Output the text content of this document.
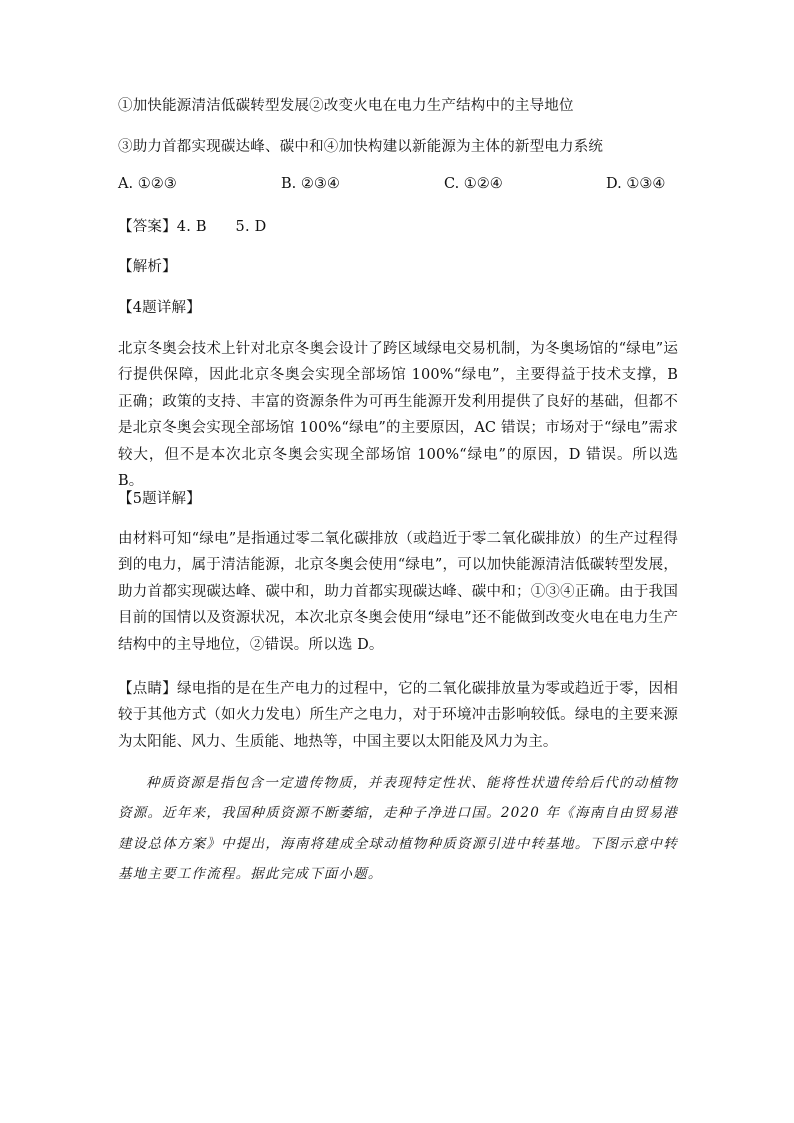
①加快能源清洁低碳转型发展②改变火电在电力生产结构中的主导地位
③助力首都实现碳达峰、碳中和④加快构建以新能源为主体的新型电力系统
A. ①②③	B. ②③④	C. ①②④	D. ①③④
【答案】4. B      5. D
【解析】
【4题详解】
北京冬奥会技术上针对北京冬奥会设计了跨区域绿电交易机制，为冬奥场馆的“绿电”运行提供保障，因此北京冬奥会实现全部场馆 100%“绿电”，主要得益于技术支撑，B 正确；政策的支持、丰富的资源条件为可再生能源开发利用提供了良好的基础，但都不是北京冬奥会实现全部场馆 100%“绿电”的主要原因，AC 错误；市场对于“绿电”需求较大，但不是本次北京冬奥会实现全部场馆 100%“绿电”的原因，D 错误。所以选 B。
【5题详解】
由材料可知“绿电”是指通过零二氧化碳排放（或趋近于零二氧化碳排放）的生产过程得到的电力，属于清洁能源，北京冬奥会使用“绿电”，可以加快能源清洁低碳转型发展，助力首都实现碳达峰、碳中和，助力首都实现碳达峰、碳中和；①③④正确。由于我国目前的国情以及资源状况，本次北京冬奥会使用“绿电”还不能做到改变火电在电力生产结构中的主导地位，②错误。所以选 D。
【点睛】绿电指的是在生产电力的过程中，它的二氧化碳排放量为零或趋近于零，因相较于其他方式（如火力发电）所生产之电力，对于环境冲击影响较低。绿电的主要来源为太阳能、风力、生质能、地热等，中国主要以太阳能及风力为主。
种质资源是指包含一定遗传物质，并表现特定性状、能将性状遗传给后代的动植物资源。近年来，我国种质资源不断萎缩，走种子净进口国。2020 年《海南自由贸易港建设总体方案》中提出，海南将建成全球动植物种质资源引进中转基地。下图示意中转基地主要工作流程。据此完成下面小题。
